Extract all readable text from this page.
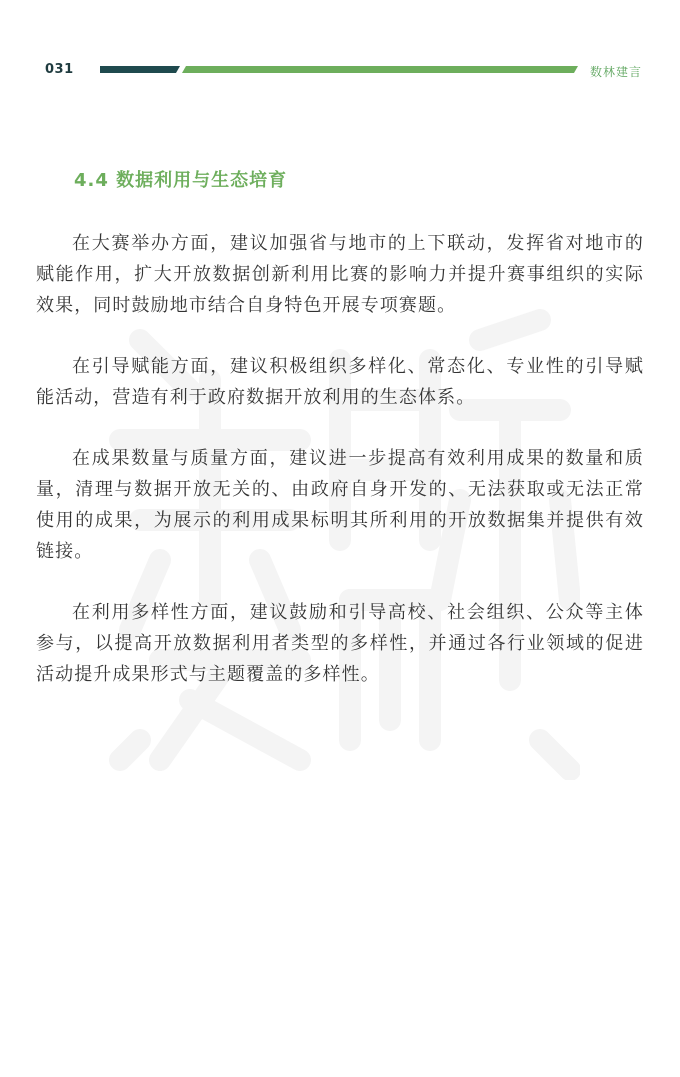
031	数林建言
4.4 数据利用与生态培育

在大赛举办方面，建议加强省与地市的上下联动，发挥省对地市的赋能作用，扩大开放数据创新利用比赛的影响力并提升赛事组织的实际效果，同时鼓励地市结合自身特色开展专项赛题。

在引导赋能方面，建议积极组织多样化、常态化、专业性的引导赋能活动，营造有利于政府数据开放利用的生态体系。

在成果数量与质量方面，建议进一步提高有效利用成果的数量和质量，清理与数据开放无关的、由政府自身开发的、无法获取或无法正常使用的成果，为展示的利用成果标明其所利用的开放数据集并提供有效链接。

在利用多样性方面，建议鼓励和引导高校、社会组织、公众等主体参与，以提高开放数据利用者类型的多样性，并通过各行业领域的促进活动提升成果形式与主题覆盖的多样性。
